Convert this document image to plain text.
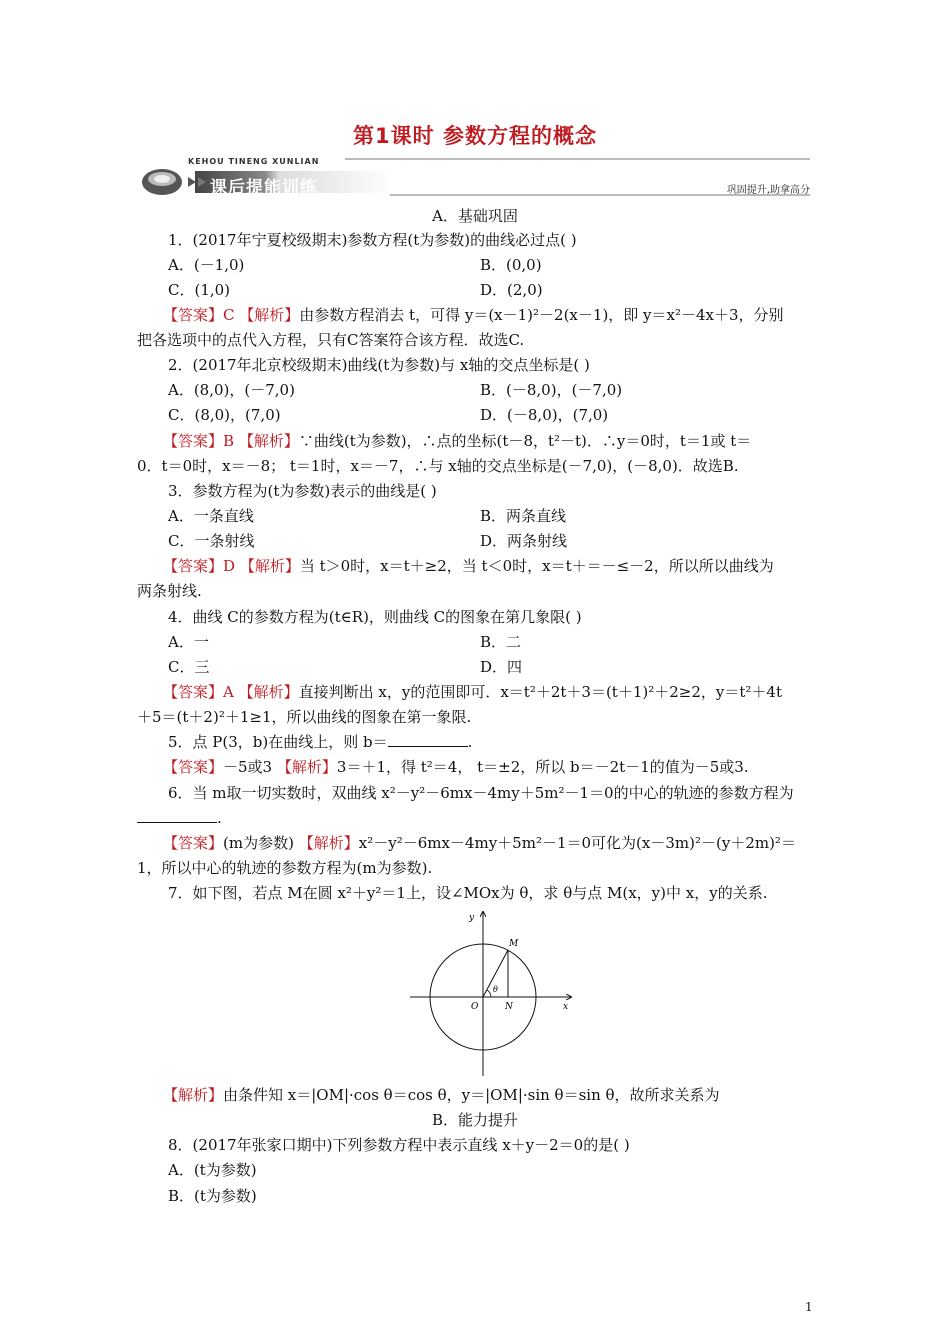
第1课时 参数方程的概念
KEHOU TINENG XUNLIAN
课后提能训练	巩固提升,助拿高分
A．基础巩固
1．(2017年宁夏校级期末)参数方程(t为参数)的曲线必过点( )
A．(－1,0)	B．(0,0)
C．(1,0)	D．(2,0)
【答案】C 【解析】由参数方程消去 t，可得 y＝(x－1)²－2(x－1)，即 y＝x²－4x＋3，分别
把各选项中的点代入方程，只有C答案符合该方程．故选C.
2．(2017年北京校级期末)曲线(t为参数)与 x轴的交点坐标是( )
A．(8,0)，(－7,0)	B．(－8,0)，(－7,0)
C．(8,0)，(7,0)	D．(－8,0)，(7,0)
【答案】B 【解析】∵曲线(t为参数)，∴点的坐标(t－8，t²－t)．∴y＝0时，t＝1或 t＝
0．t＝0时，x＝－8； t＝1时，x＝－7，∴与 x轴的交点坐标是(－7,0)，(－8,0)．故选B.
3．参数方程为(t为参数)表示的曲线是( )
A．一条直线	B．两条直线
C．一条射线	D．两条射线
【答案】D 【解析】当 t＞0时，x＝t＋≥2，当 t＜0时，x＝t＋＝－≤－2，所以所以曲线为
两条射线.
4．曲线 C的参数方程为(t∈R)，则曲线 C的图象在第几象限( )
A．一	B．二
C．三	D．四
【答案】A 【解析】直接判断出 x，y的范围即可．x＝t²＋2t＋3＝(t＋1)²＋2≥2，y＝t²＋4t
＋5＝(t＋2)²＋1≥1，所以曲线的图象在第一象限.
5．点 P(3，b)在曲线上，则 b＝	.
【答案】－5或3 【解析】3＝＋1，得 t²＝4， t＝±2，所以 b＝－2t－1的值为－5或3.
6．当 m取一切实数时，双曲线 x²－y²－6mx－4my＋5m²－1＝0的中心的轨迹的参数方程为
.
【答案】(m为参数) 【解析】x²－y²－6mx－4my＋5m²－1＝0可化为(x－3m)²－(y＋2m)²＝
1，所以中心的轨迹的参数方程为(m为参数).
7．如下图，若点 M在圆 x²＋y²＝1上，设∠MOx为 θ，求 θ与点 M(x，y)中 x，y的关系.
y
x
O
M
N
θ
【解析】由条件知 x＝|OM|·cos θ＝cos θ，y＝|OM|·sin θ＝sin θ，故所求关系为
B．能力提升
8．(2017年张家口期中)下列参数方程中表示直线 x＋y－2＝0的是( )
A．(t为参数)
B．(t为参数)
1
